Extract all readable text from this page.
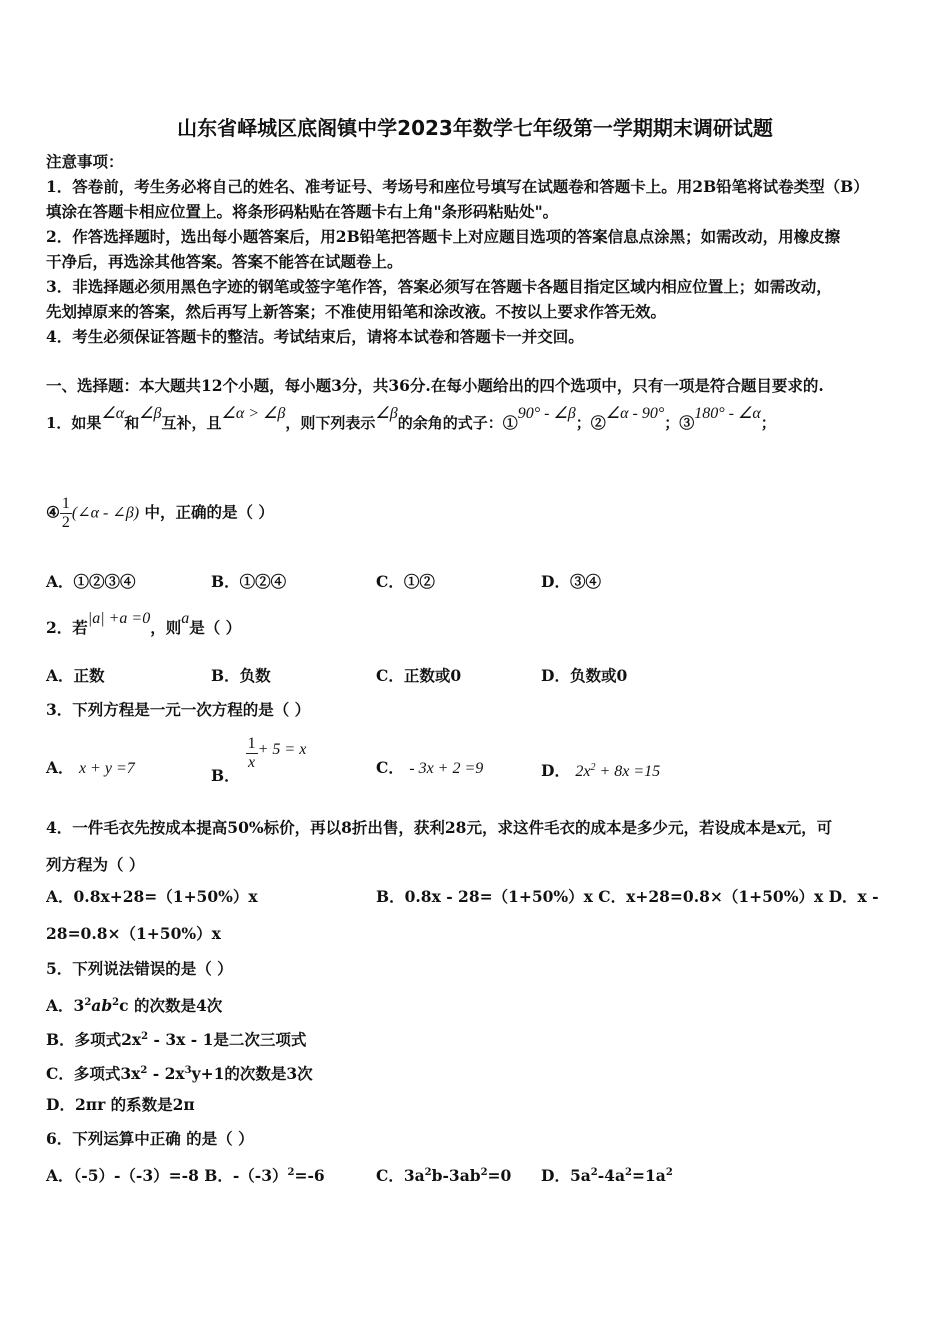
山东省峄城区底阁镇中学2023年数学七年级第一学期期末调研试题
注意事项：
1．答卷前，考生务必将自己的姓名、准考证号、考场号和座位号填写在试题卷和答题卡上。用2B铅笔将试卷类型（B）
填涂在答题卡相应位置上。将条形码粘贴在答题卡右上角"条形码粘贴处"。
2．作答选择题时，选出每小题答案后，用2B铅笔把答题卡上对应题目选项的答案信息点涂黑；如需改动，用橡皮擦
干净后，再选涂其他答案。答案不能答在试题卷上。
3．非选择题必须用黑色字迹的钢笔或签字笔作答，答案必须写在答题卡各题目指定区域内相应位置上；如需改动，
先划掉原来的答案，然后再写上新答案；不准使用铅笔和涂改液。不按以上要求作答无效。
4．考生必须保证答题卡的整洁。考试结束后，请将本试卷和答题卡一并交回。
一、选择题：本大题共12个小题，每小题3分，共36分.在每小题给出的四个选项中，只有一项是符合题目要求的.
1．如果∠α和∠β互补，且∠α > ∠β，则下列表示∠β的余角的式子：①90° - ∠β；②∠α - 90°；③180° - ∠α；
④ $\frac{1}{2}$ (∠α - ∠β) 中，正确的是（ ）
A．①②③④	B．①②④	C．①②	D．③④
2．若|a| +a =0，则a是（ ）
A．正数	B．负数	C．正数或0	D．负数或0
3．下列方程是一元一次方程的是（ ）
A． x + y =7	B．
$\frac{1}{x} + 5 = x$
C． - 3x + 2 =9	D． $2x^2 + 8x =15$
4．一件毛衣先按成本提高50%标价，再以8折出售，获利28元，求这件毛衣的成本是多少元，若设成本是x元，可
列方程为（ ）
A．0.8x+28=（1+50%）x	B．0.8x - 28=（1+50%）x C．x+28=0.8×（1+50%）x D．x -
28=0.8×（1+50%）x
5．下列说法错误的是（ ）
A．$3^2ab^2c$ 的次数是4次
B．多项式$2x^2 - 3x - 1$是二次三项式
C．多项式$3x^2 - 2x^3y+1$的次数是3次
D．2πr 的系数是2π
6．下列运算中正确 的是（ ）
A．（-5）-（-3）=-8 B．$-(-3)^2=-6$	C．$3a^2b-3ab^2=0$ D．$5a^2-4a^2=1a^2$
